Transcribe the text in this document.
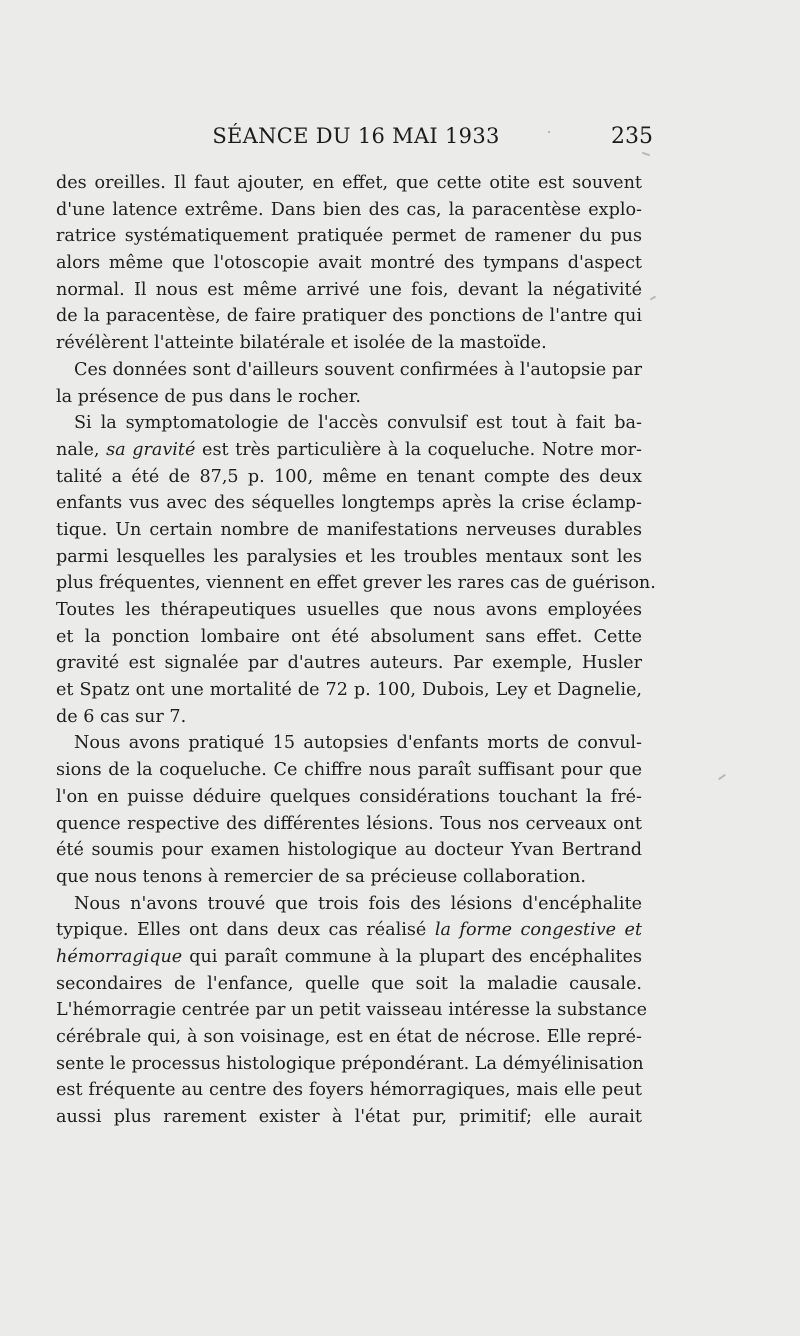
SÉANCE DU 16 MAI 1933	235
des oreilles. Il faut ajouter, en effet, que cette otite est souvent
d'une latence extrême. Dans bien des cas, la paracentèse explo-
ratrice systématiquement pratiquée permet de ramener du pus
alors même que l'otoscopie avait montré des tympans d'aspect
normal. Il nous est même arrivé une fois, devant la négativité
de la paracentèse, de faire pratiquer des ponctions de l'antre qui
révélèrent l'atteinte bilatérale et isolée de la mastoïde.
Ces données sont d'ailleurs souvent confirmées à l'autopsie par
la présence de pus dans le rocher.
Si la symptomatologie de l'accès convulsif est tout à fait ba-
nale, sa gravité est très particulière à la coqueluche. Notre mor-
talité a été de 87,5 p. 100, même en tenant compte des deux
enfants vus avec des séquelles longtemps après la crise éclamp-
tique. Un certain nombre de manifestations nerveuses durables
parmi lesquelles les paralysies et les troubles mentaux sont les
plus fréquentes, viennent en effet grever les rares cas de guérison.
Toutes les thérapeutiques usuelles que nous avons employées
et la ponction lombaire ont été absolument sans effet. Cette
gravité est signalée par d'autres auteurs. Par exemple, Husler
et Spatz ont une mortalité de 72 p. 100, Dubois, Ley et Dagnelie,
de 6 cas sur 7.
Nous avons pratiqué 15 autopsies d'enfants morts de convul-
sions de la coqueluche. Ce chiffre nous paraît suffisant pour que
l'on en puisse déduire quelques considérations touchant la fré-
quence respective des différentes lésions. Tous nos cerveaux ont
été soumis pour examen histologique au docteur Yvan Bertrand
que nous tenons à remercier de sa précieuse collaboration.
Nous n'avons trouvé que trois fois des lésions d'encéphalite
typique. Elles ont dans deux cas réalisé la forme congestive et
hémorragique qui paraît commune à la plupart des encéphalites
secondaires de l'enfance, quelle que soit la maladie causale.
L'hémorragie centrée par un petit vaisseau intéresse la substance
cérébrale qui, à son voisinage, est en état de nécrose. Elle repré-
sente le processus histologique prépondérant. La démyélinisation
est fréquente au centre des foyers hémorragiques, mais elle peut
aussi plus rarement exister à l'état pur, primitif; elle aurait
